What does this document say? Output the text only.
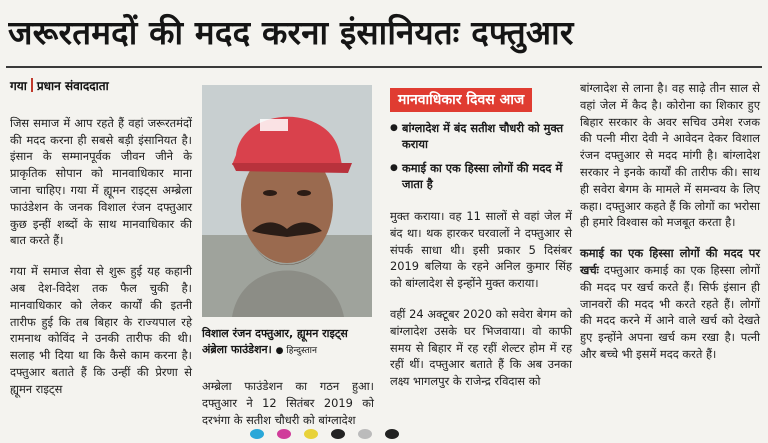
जरूरतमदों की मदद करना इंसानियतः दफ्तुआर
गया प्रधान संवाददाता

जिस समाज में आप रहते हैं वहां जरूरतमंदों की मदद करना ही सबसे बड़ी इंसानियत है। इंसान के सम्मानपूर्वक जीवन जीने के प्राकृतिक सोपान को मानवाधिकार माना जाना चाहिए। गया में ह्यूमन राइट्स अम्ब्रेला फाउंडेशन के जनक विशाल रंजन दफ्तुआर कुछ इन्हीं शब्दों के साथ मानवाधिकार की बात करते हैं।

गया में समाज सेवा से शुरू हुई यह कहानी अब देश-विदेश तक फैल चुकी है। मानवाधिकार को लेकर कार्यों की इतनी तारीफ हुई कि तब बिहार के राज्यपाल रहे रामनाथ कोविंद ने उनकी तारीफ की थी। सलाह भी दिया था कि कैसे काम करना है। दफ्तुआर बताते हैं कि उन्हीं की प्रेरणा से ह्यूमन राइट्स

विशाल रंजन दफ्तुआर, ह्यूमन राइट्स अंब्रेला फाउंडेशन। ● हिन्दुस्तान
अम्ब्रेला फाउंडेशन का गठन हुआ। दफ्तुआर ने 12 सितंबर 2019 को दरभंगा के सतीश चौधरी को बांग्लादेश
मानवाधिकार दिवस आज
● बांग्लादेश में बंद सतीश चौधरी को मुक्त कराया
● कमाई का एक हिस्सा लोगों की मदद में जाता है

मुक्त कराया। वह 11 सालों से वहां जेल में बंद था। थक हारकर घरवालों ने दफ्तुआर से संपर्क साधा थी। इसी प्रकार 5 दिसंबर 2019 बलिया के रहने अनिल कुमार सिंह को बांग्लादेश से इन्होंने मुक्त कराया।

वहीं 24 अक्टूबर 2020 को सवेरा बेगम को बांग्लादेश उसके घर भिजवाया। वो काफी समय से बिहार में रह रहीं शेल्टर होम में रह रहीं थीं। दफ्तुआर बताते हैं कि अब उनका लक्ष्य भागलपुर के राजेन्द्र रविदास को

बांग्लादेश से लाना है। वह साढ़े तीन साल से वहां जेल में कैद है। कोरोना का शिकार हुए बिहार सरकार के अवर सचिव उमेश रजक की पत्नी मीरा देवी ने आवेदन देकर विशाल रंजन दफ्तुआर से मदद मांगी है। बांग्लादेश सरकार ने इनके कार्यों की तारीफ की। साथ ही सवेरा बेगम के मामले में समन्वय के लिए कहा। दफ्तुआर कहते हैं कि लोगों का भरोसा ही हमारे विश्वास को मजबूत करता है।

कमाई का एक हिस्सा लोगों की मदद पर खर्चः दफ्तुआर कमाई का एक हिस्सा लोगों की मदद पर खर्च करते हैं। सिर्फ इंसान ही जानवरों की मदद भी करते रहते हैं। लोगों की मदद करने में आने वाले खर्च को देखते हुए इन्होंने अपना खर्च कम रखा है। पत्नी और बच्चे भी इसमें मदद करते हैं।
